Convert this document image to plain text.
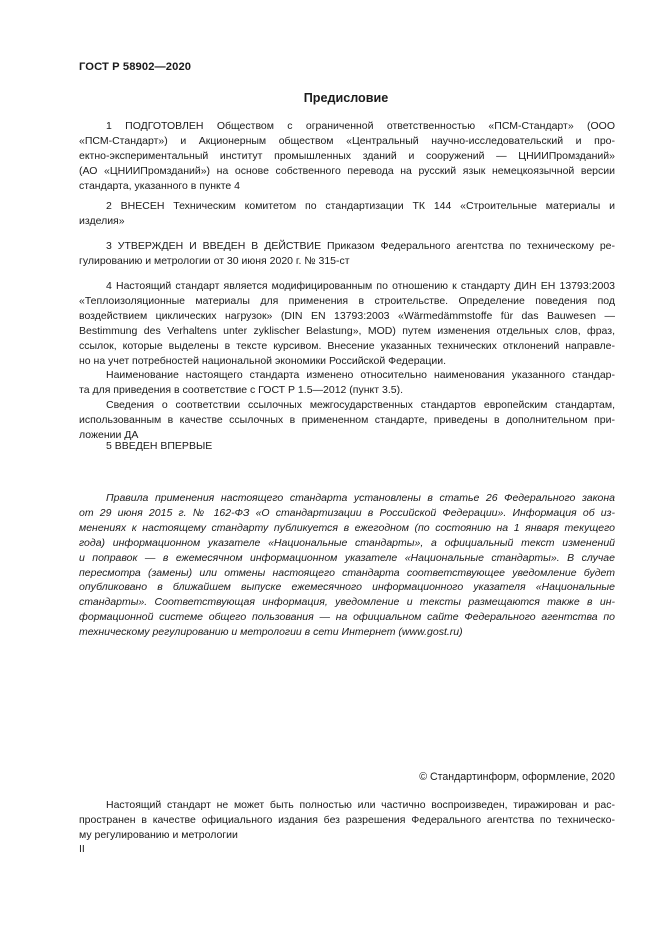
ГОСТ Р 58902—2020
Предисловие
1 ПОДГОТОВЛЕН Обществом с ограниченной ответственностью «ПСМ-Стандарт» (ООО
«ПСМ-Стандарт») и Акционерным обществом «Центральный научно-исследовательский и про-
ектно-экспериментальный институт промышленных зданий и сооружений — ЦНИИПромзданий»
(АО «ЦНИИПромзданий») на основе собственного перевода на русский язык немецкоязычной версии
стандарта, указанного в пункте 4
2 ВНЕСЕН Техническим комитетом по стандартизации ТК 144 «Строительные материалы и
изделия»
3 УТВЕРЖДЕН И ВВЕДЕН В ДЕЙСТВИЕ Приказом Федерального агентства по техническому ре-
гулированию и метрологии от 30 июня 2020 г. № 315-ст
4 Настоящий стандарт является модифицированным по отношению к стандарту ДИН ЕН 13793:2003
«Теплоизоляционные материалы для применения в строительстве. Определение поведения под
воздействием циклических нагрузок» (DIN EN 13793:2003 «Wärmedämmstoffe für das Bauwesen —
Bestimmung des Verhaltens unter zyklischer Belastung», MOD) путем изменения отдельных слов, фраз,
ссылок, которые выделены в тексте курсивом. Внесение указанных технических отклонений направле-
но на учет потребностей национальной экономики Российской Федерации.
Наименование настоящего стандарта изменено относительно наименования указанного стандар-
та для приведения в соответствие с ГОСТ Р 1.5—2012 (пункт 3.5).
Сведения о соответствии ссылочных межгосударственных стандартов европейским стандартам,
использованным в качестве ссылочных в примененном стандарте, приведены в дополнительном при-
ложении ДА
5 ВВЕДЕН ВПЕРВЫЕ
Правила применения настоящего стандарта установлены в статье 26 Федерального закона
от 29 июня 2015 г. № 162-ФЗ «О стандартизации в Российской Федерации». Информация об из-
менениях к настоящему стандарту публикуется в ежегодном (по состоянию на 1 января текущего
года) информационном указателе «Национальные стандарты», а официальный текст изменений
и поправок — в ежемесячном информационном указателе «Национальные стандарты». В случае
пересмотра (замены) или отмены настоящего стандарта соответствующее уведомление будет
опубликовано в ближайшем выпуске ежемесячного информационного указателя «Национальные
стандарты». Соответствующая информация, уведомление и тексты размещаются также в ин-
формационной системе общего пользования — на официальном сайте Федерального агентства по
техническому регулированию и метрологии в сети Интернет (www.gost.ru)
© Стандартинформ, оформление, 2020
Настоящий стандарт не может быть полностью или частично воспроизведен, тиражирован и рас-
пространен в качестве официального издания без разрешения Федерального агентства по техническо-
му регулированию и метрологии
II
